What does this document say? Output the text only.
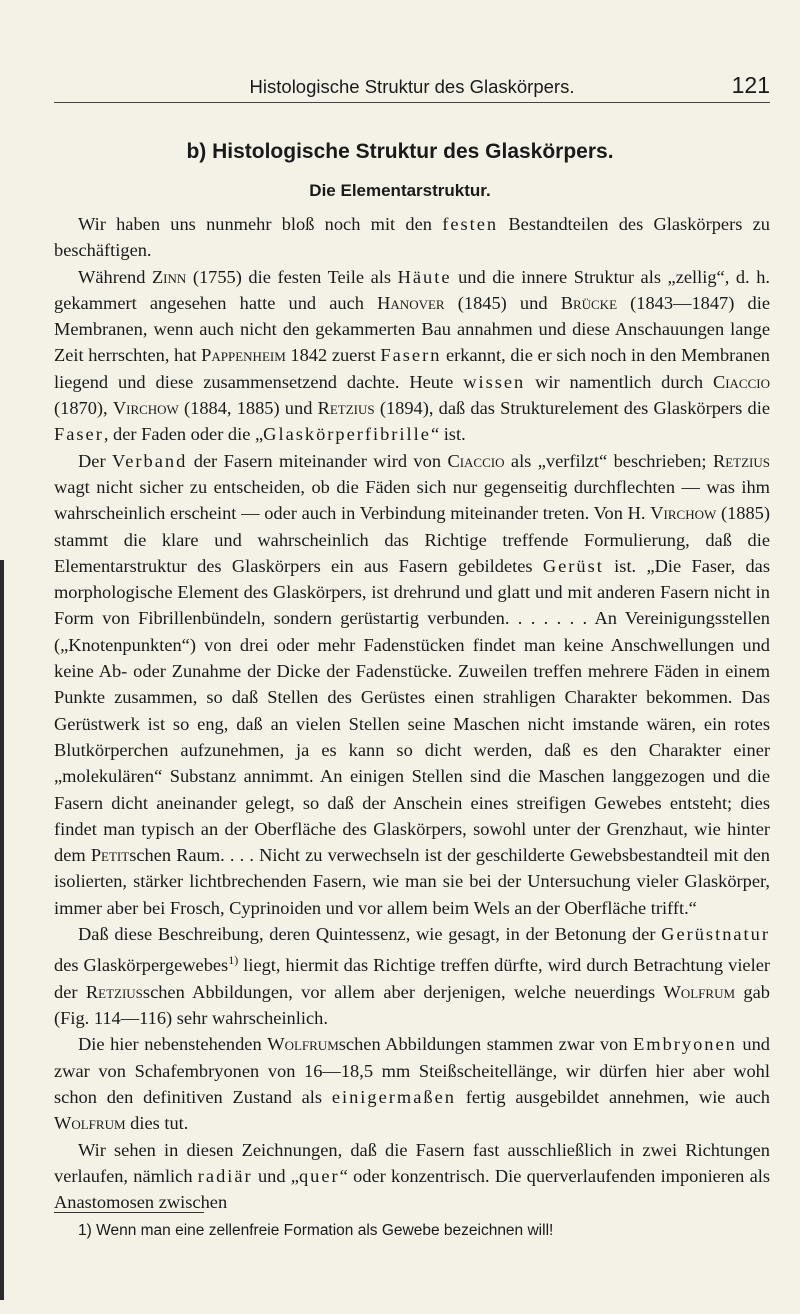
Histologische Struktur des Glaskörpers.	121
b) Histologische Struktur des Glaskörpers.
Die Elementarstruktur.

Wir haben uns nunmehr bloß noch mit den festen Bestandteilen des Glaskörpers zu beschäftigen.

Während Zinn (1755) die festen Teile als Häute und die innere Struktur als „zellig“, d. h. gekammert angesehen hatte und auch Hanover (1845) und Brücke (1843—1847) die Membranen, wenn auch nicht den gekammerten Bau annahmen und diese Anschauungen lange Zeit herrschten, hat Pappenheim 1842 zuerst Fasern erkannt, die er sich noch in den Membranen liegend und diese zusammensetzend dachte. Heute wissen wir namentlich durch Ciaccio (1870), Virchow (1884, 1885) und Retzius (1894), daß das Strukturelement des Glaskörpers die Faser, der Faden oder die „Glaskörperfibrille“ ist.

Der Verband der Fasern miteinander wird von Ciaccio als „verfilzt“ beschrieben; Retzius wagt nicht sicher zu entscheiden, ob die Fäden sich nur gegenseitig durchflechten — was ihm wahrscheinlich erscheint — oder auch in Verbindung miteinander treten. Von H. Virchow (1885) stammt die klare und wahrscheinlich das Richtige treffende Formulierung, daß die Elementarstruktur des Glaskörpers ein aus Fasern gebildetes Gerüst ist. „Die Faser, das morphologische Element des Glaskörpers, ist drehrund und glatt und mit anderen Fasern nicht in Form von Fibrillenbündeln, sondern gerüstartig verbunden. . . . . . . An Vereinigungsstellen („Knotenpunkten“) von drei oder mehr Fadenstücken findet man keine Anschwellungen und keine Ab- oder Zunahme der Dicke der Fadenstücke. Zuweilen treffen mehrere Fäden in einem Punkte zusammen, so daß Stellen des Gerüstes einen strahligen Charakter bekommen. Das Gerüstwerk ist so eng, daß an vielen Stellen seine Maschen nicht imstande wären, ein rotes Blutkörperchen aufzunehmen, ja es kann so dicht werden, daß es den Charakter einer „molekulären“ Substanz annimmt. An einigen Stellen sind die Maschen langgezogen und die Fasern dicht aneinander gelegt, so daß der Anschein eines streifigen Gewebes entsteht; dies findet man typisch an der Oberfläche des Glaskörpers, sowohl unter der Grenzhaut, wie hinter dem Petitschen Raum. . . . Nicht zu verwechseln ist der geschilderte Gewebsbestandteil mit den isolierten, stärker lichtbrechenden Fasern, wie man sie bei der Untersuchung vieler Glaskörper, immer aber bei Frosch, Cyprinoiden und vor allem beim Wels an der Oberfläche trifft.“

Daß diese Beschreibung, deren Quintessenz, wie gesagt, in der Betonung der Gerüstnatur des Glaskörpergewebes$^{1)}$ liegt, hiermit das Richtige treffen dürfte, wird durch Betrachtung vieler der Retziusschen Abbildungen, vor allem aber derjenigen, welche neuerdings Wolfrum gab (Fig. 114—116) sehr wahrscheinlich.

Die hier nebenstehenden Wolfrumschen Abbildungen stammen zwar von Embryonen und zwar von Schafembryonen von 16—18,5 mm Steißscheitellänge, wir dürfen hier aber wohl schon den definitiven Zustand als einigermaßen fertig ausgebildet annehmen, wie auch Wolfrum dies tut.

Wir sehen in diesen Zeichnungen, daß die Fasern fast ausschließlich in zwei Richtungen verlaufen, nämlich radiär und „quer“ oder konzentrisch. Die querverlaufenden imponieren als Anastomosen zwischen

1) Wenn man eine zellenfreie Formation als Gewebe bezeichnen will!
